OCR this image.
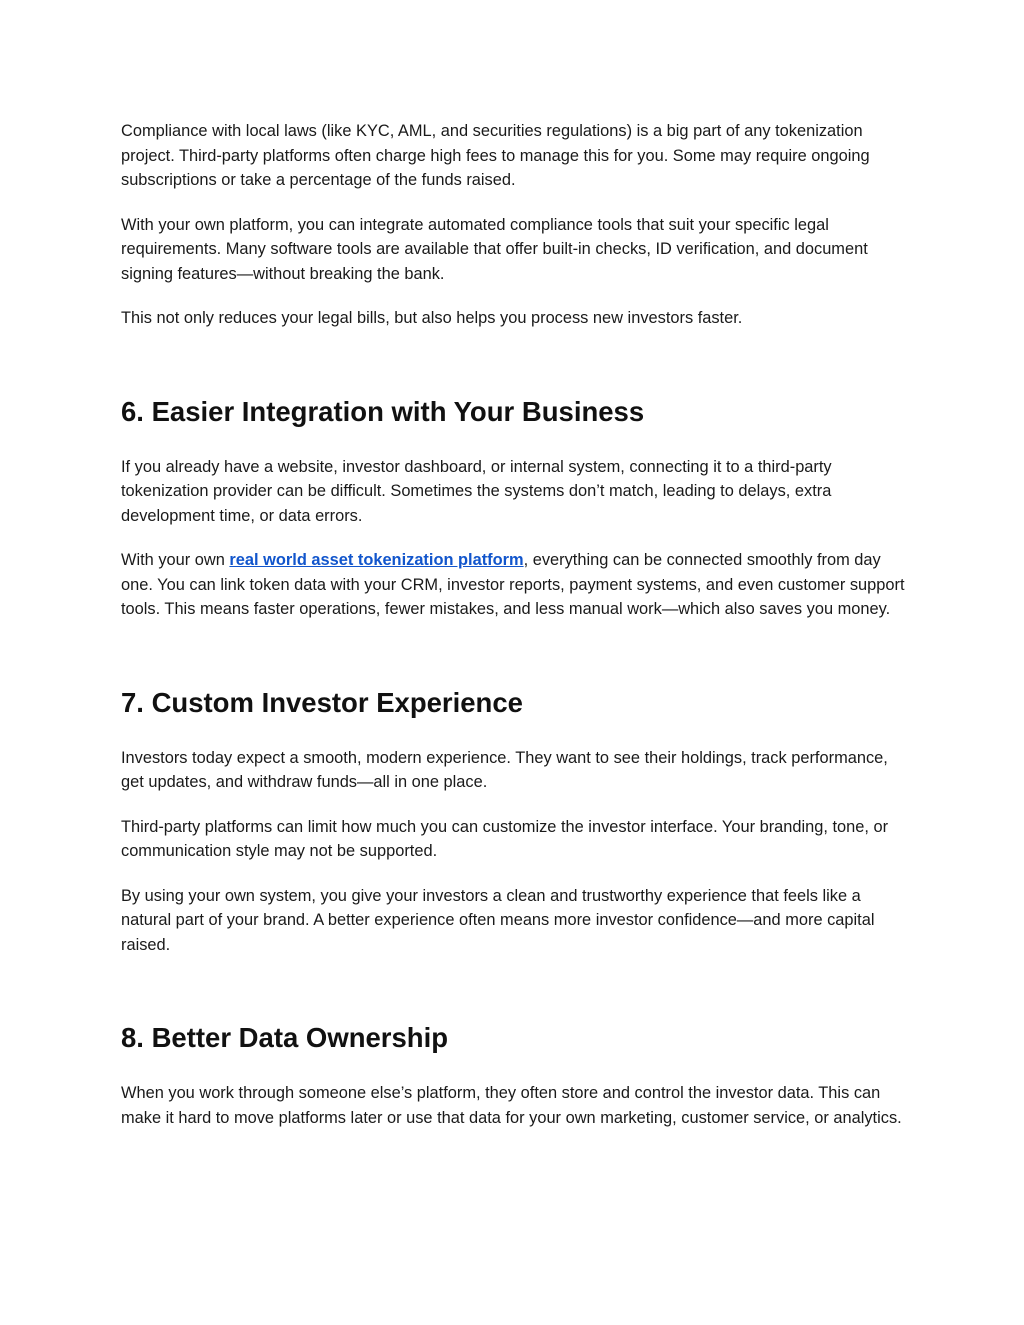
Compliance with local laws (like KYC, AML, and securities regulations) is a big part of any tokenization project. Third-party platforms often charge high fees to manage this for you. Some may require ongoing subscriptions or take a percentage of the funds raised.

With your own platform, you can integrate automated compliance tools that suit your specific legal requirements. Many software tools are available that offer built-in checks, ID verification, and document signing features—without breaking the bank.

This not only reduces your legal bills, but also helps you process new investors faster.

6. Easier Integration with Your Business

If you already have a website, investor dashboard, or internal system, connecting it to a third-party tokenization provider can be difficult. Sometimes the systems don’t match, leading to delays, extra development time, or data errors.

With your own real world asset tokenization platform, everything can be connected smoothly from day one. You can link token data with your CRM, investor reports, payment systems, and even customer support tools. This means faster operations, fewer mistakes, and less manual work—which also saves you money.

7. Custom Investor Experience

Investors today expect a smooth, modern experience. They want to see their holdings, track performance, get updates, and withdraw funds—all in one place.

Third-party platforms can limit how much you can customize the investor interface. Your branding, tone, or communication style may not be supported.

By using your own system, you give your investors a clean and trustworthy experience that feels like a natural part of your brand. A better experience often means more investor confidence—and more capital raised.

8. Better Data Ownership

When you work through someone else’s platform, they often store and control the investor data. This can make it hard to move platforms later or use that data for your own marketing, customer service, or analytics.
